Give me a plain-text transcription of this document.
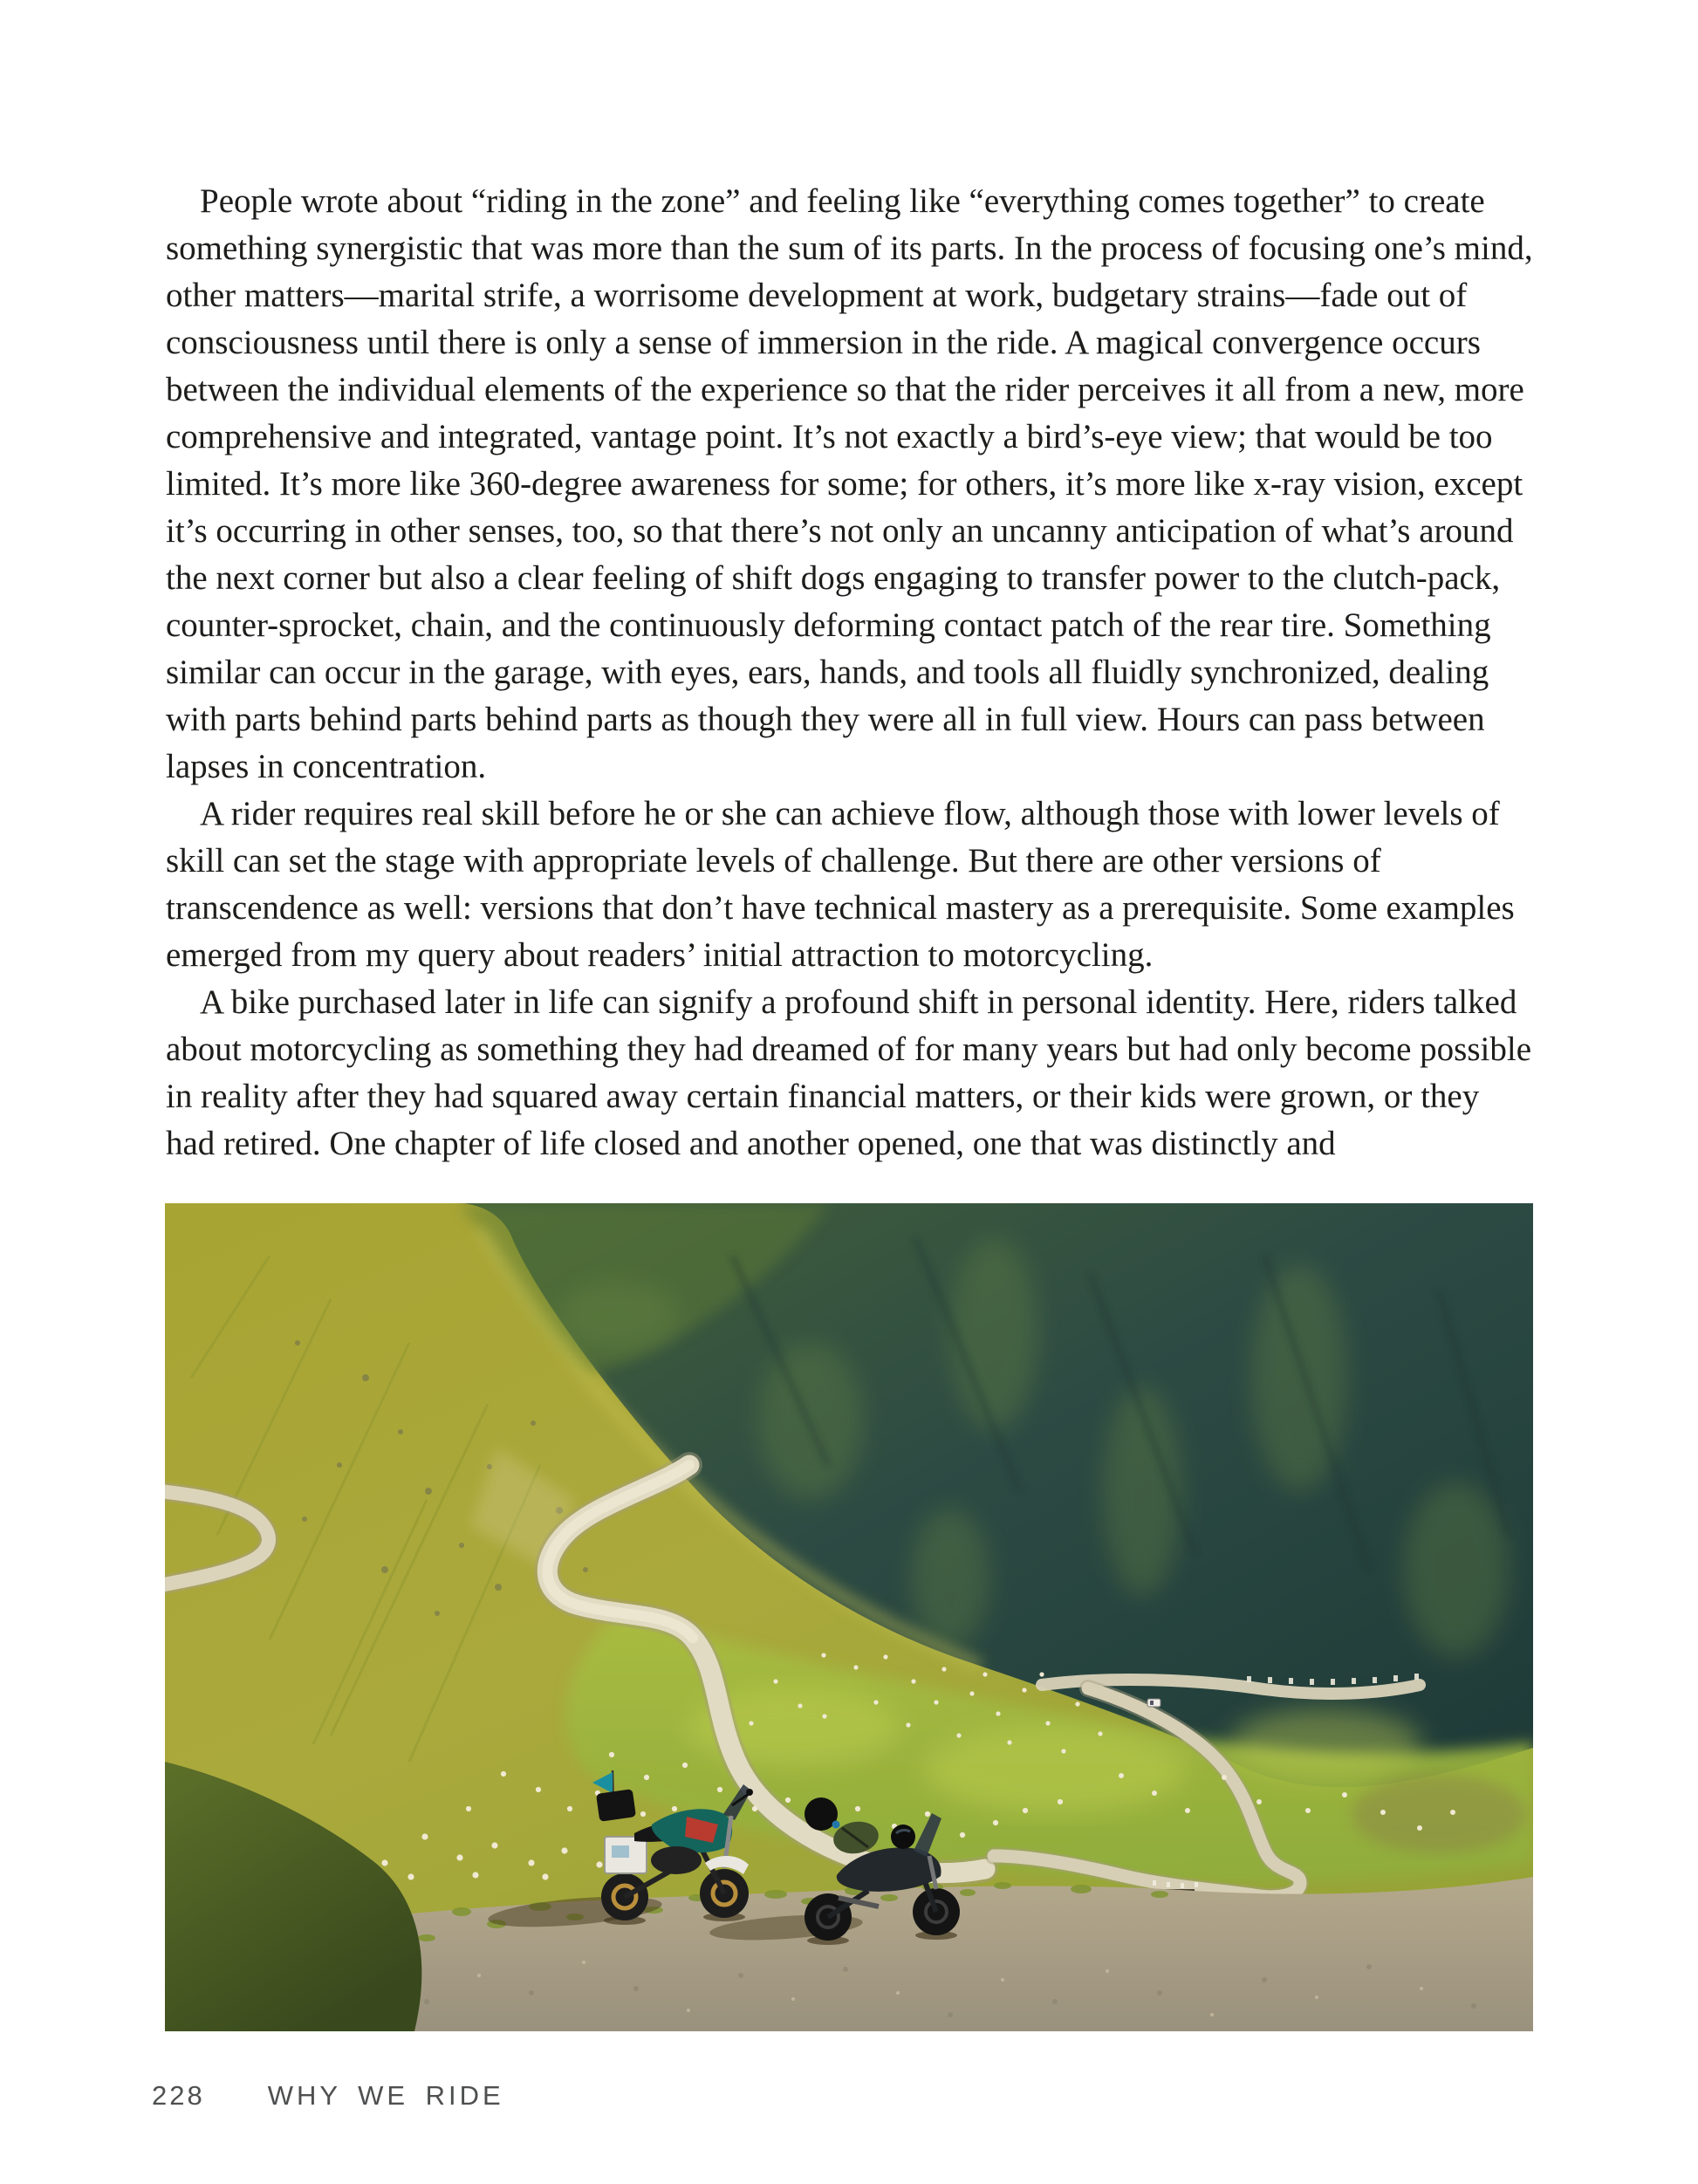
People wrote about “riding in the zone” and feeling like “everything comes together” to create something synergistic that was more than the sum of its parts. In the process of focusing one’s mind, other matters—marital strife, a worrisome development at work, budgetary strains—fade out of consciousness until there is only a sense of immersion in the ride. A magical convergence occurs between the individual elements of the experience so that the rider perceives it all from a new, more comprehensive and integrated, vantage point. It’s not exactly a bird’s-eye view; that would be too limited. It’s more like 360-degree awareness for some; for others, it’s more like x-ray vision, except it’s occurring in other senses, too, so that there’s not only an uncanny anticipation of what’s around the next corner but also a clear feeling of shift dogs engaging to transfer power to the clutch-pack, counter-sprocket, chain, and the continuously deforming contact patch of the rear tire. Something similar can occur in the garage, with eyes, ears, hands, and tools all fluidly synchronized, dealing with parts behind parts behind parts as though they were all in full view. Hours can pass between lapses in concentration.

A rider requires real skill before he or she can achieve flow, although those with lower levels of skill can set the stage with appropriate levels of challenge. But there are other versions of transcendence as well: versions that don’t have technical mastery as a prerequisite. Some examples emerged from my query about readers’ initial attraction to motorcycling.

A bike purchased later in life can signify a profound shift in personal identity. Here, riders talked about motorcycling as something they had dreamed of for many years but had only become possible in reality after they had squared away certain financial matters, or their kids were grown, or they had retired. One chapter of life closed and another opened, one that was distinctly and

228 WHY WE RIDE
